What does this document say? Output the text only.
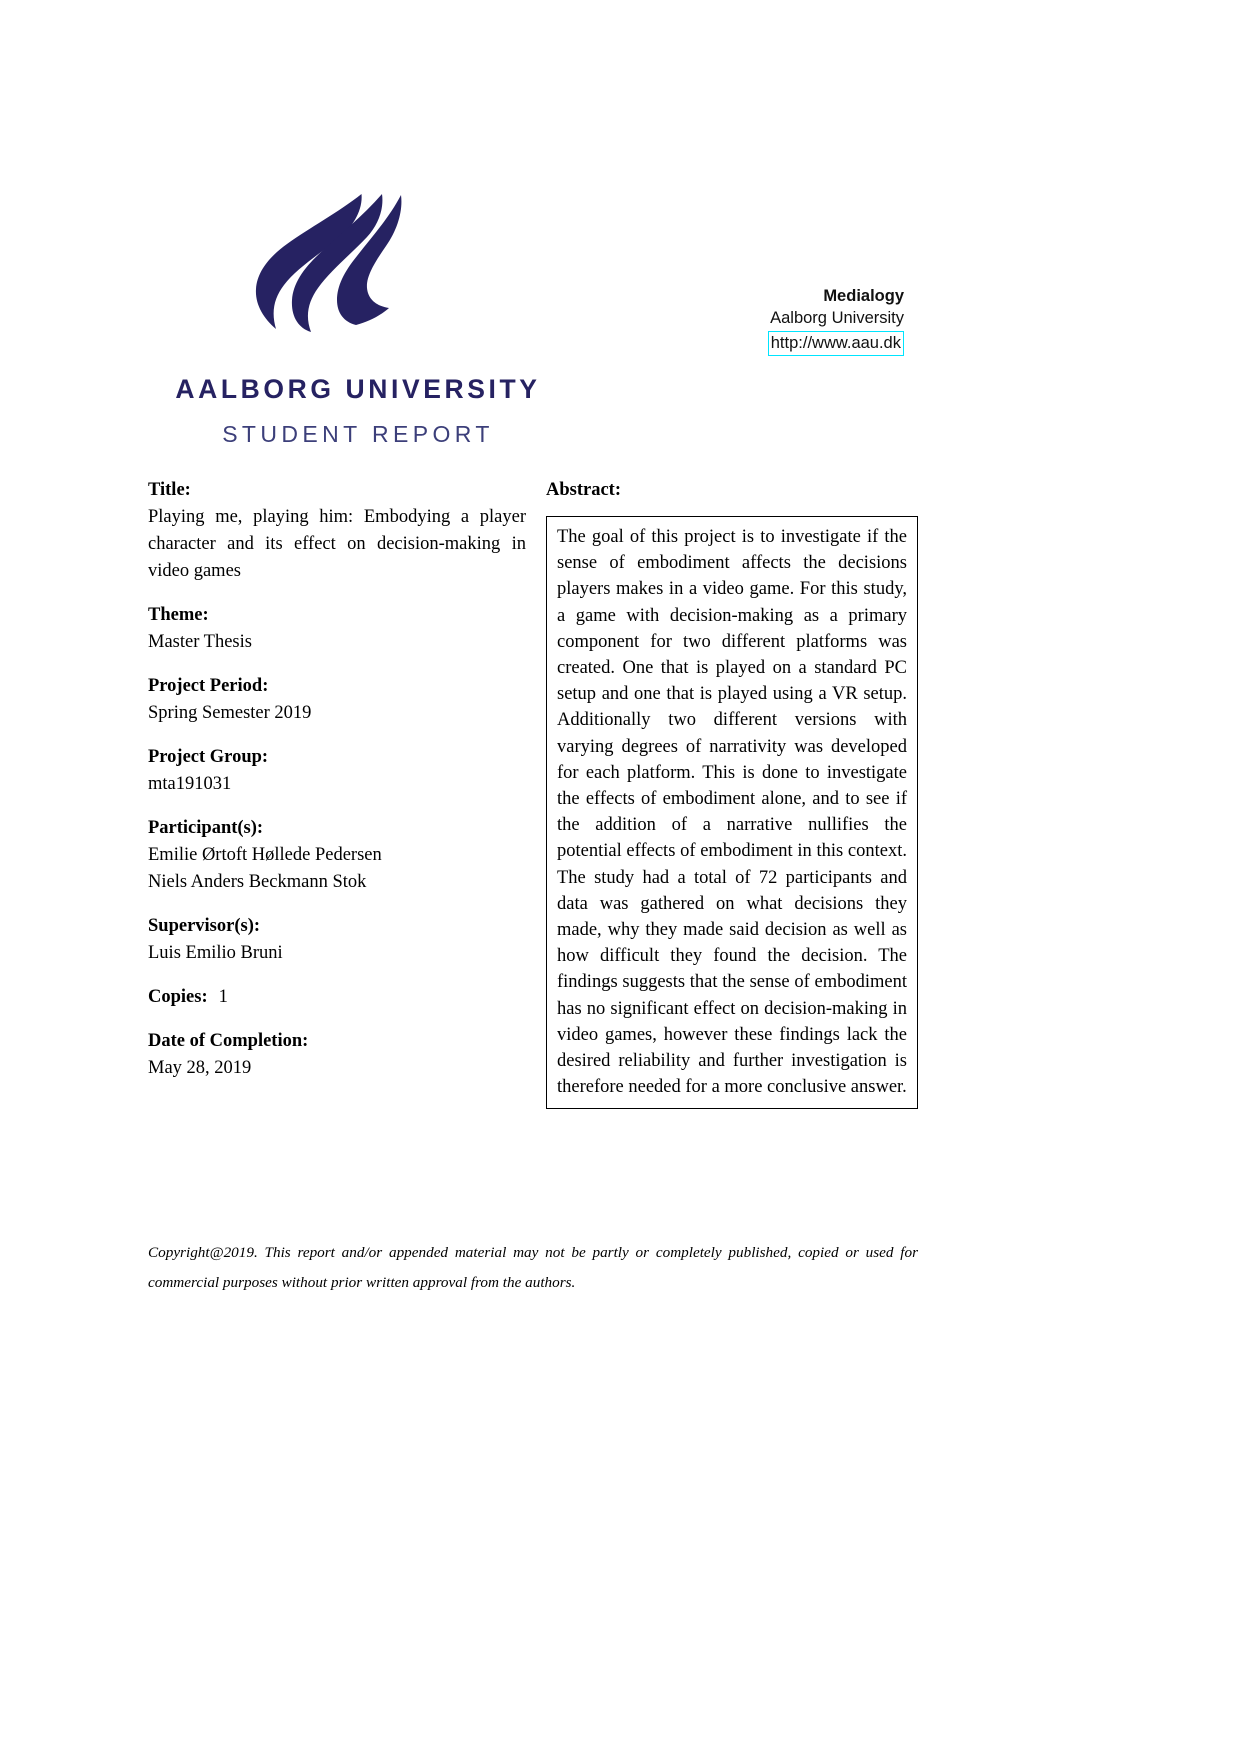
AALBORG UNIVERSITY
STUDENT REPORT
Medialogy
Aalborg University
http://www.aau.dk
Title:
Playing me, playing him: Embodying a player character and its effect on decision-making in video games
Theme:
Master Thesis
Project Period:
Spring Semester 2019
Project Group:
mta191031
Participant(s):
Emilie Ørtoft Høllede Pedersen
Niels Anders Beckmann Stok
Supervisor(s):
Luis Emilio Bruni
Copies: 1
Date of Completion:
May 28, 2019
Abstract:

The goal of this project is to investigate if the sense of embodiment affects the decisions players makes in a video game. For this study, a game with decision-making as a primary component for two different platforms was created. One that is played on a standard PC setup and one that is played using a VR setup. Additionally two different versions with varying degrees of narrativity was developed for each platform. This is done to investigate the effects of embodiment alone, and to see if the addition of a narrative nullifies the potential effects of embodiment in this context. The study had a total of 72 participants and data was gathered on what decisions they made, why they made said decision as well as how difficult they found the decision. The findings suggests that the sense of embodiment has no significant effect on decision-making in video games, however these findings lack the desired reliability and further investigation is therefore needed for a more conclusive answer.

Copyright@2019. This report and/or appended material may not be partly or completely published, copied or used for commercial purposes without prior written approval from the authors.
